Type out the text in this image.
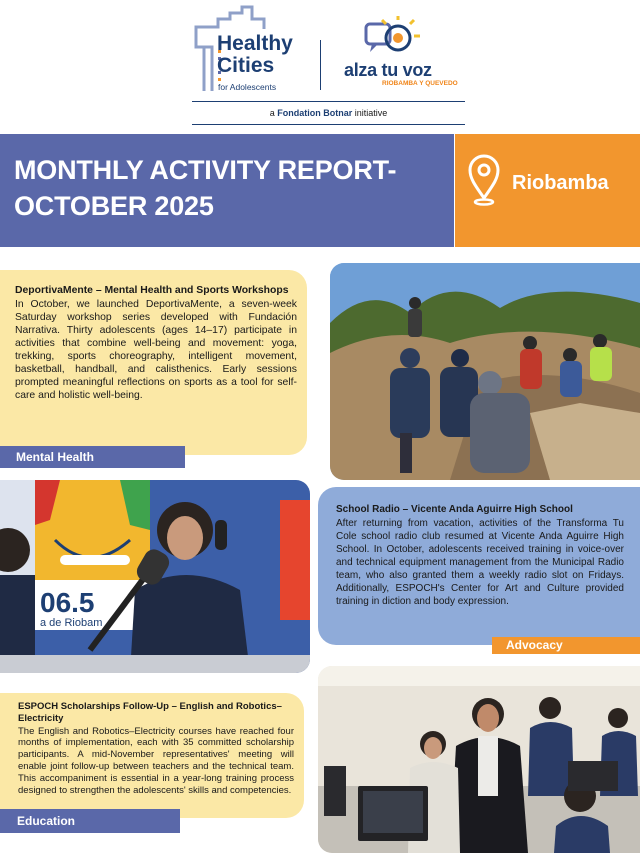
Healthy
Cities
for Adolescents
alza tu voz
RIOBAMBA Y QUEVEDO
a Fondation Botnar initiative
MONTHLY ACTIVITY REPORT-
OCTOBER 2025
Riobamba
DeportivaMente – Mental Health and Sports Workshops
In October, we launched DeportivaMente, a seven-week Saturday workshop series developed with Fundación Narrativa. Thirty adolescents (ages 14–17) participate in activities that combine well-being and movement: yoga, trekking, sports choreography, intelligent movement, basketball, handball, and calisthenics. Early sessions prompted meaningful reflections on sports as a tool for self-care and holistic well-being.
Mental Health
06.5
a de Riobam
School Radio – Vicente Anda Aguirre High School
After returning from vacation, activities of the Transforma Tu Cole school radio club resumed at Vicente Anda Aguirre High School. In October, adolescents received training in voice-over and technical equipment management from the Municipal Radio team, who also granted them a weekly radio slot on Fridays. Additionally, ESPOCH's Center for Art and Culture provided training in diction and body expression.
Advocacy
ESPOCH Scholarships Follow-Up – English and Robotics–Electricity
The English and Robotics–Electricity courses have reached four months of implementation, each with 35 committed scholarship participants. A mid-November representatives' meeting will enable joint follow-up between teachers and the technical team. This accompaniment is essential in a year-long training process designed to strengthen the adolescents' skills and competencies.
Education
